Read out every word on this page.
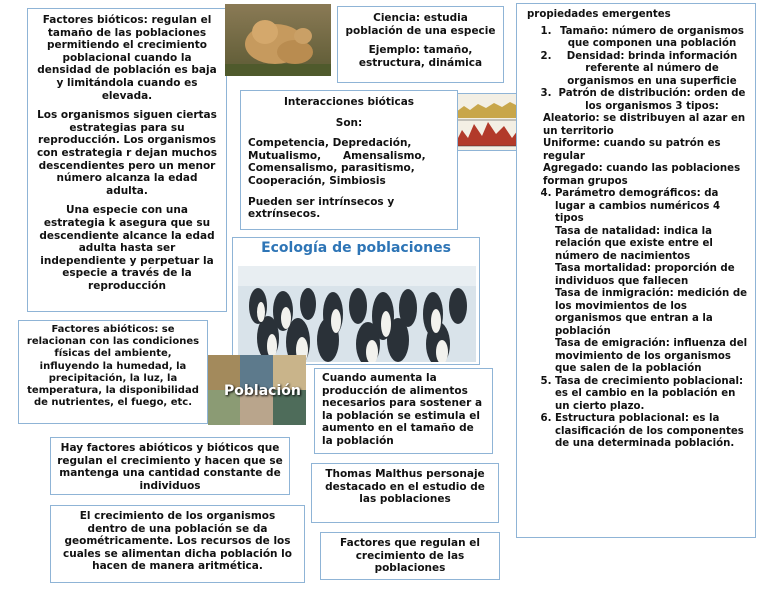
Factores bióticos: regulan el tamaño de las poblaciones permitiendo el crecimiento poblacional cuando la densidad de población es baja y limitándola cuando es elevada.

Los organismos siguen ciertas estrategias para su reproducción. Los organismos con estrategia r dejan muchos descendientes pero un menor número alcanza la edad adulta.

Una especie con una estrategia k asegura que su descendiente alcance la edad adulta hasta ser independiente y perpetuar la especie a través de la reproducción

Ciencia: estudia población de una especie

Ejemplo: tamaño, estructura, dinámica

Interacciones bióticas
Son:
Competencia, Depredación, Mutualismo,      Amensalismo, Comensalismo, parasitismo, Cooperación, Simbiosis
Pueden ser intrínsecos y extrínsecos.
Ecología de poblaciones
Factores abióticos: se relacionan con las condiciones físicas del ambiente, influyendo la humedad, la precipitación, la luz, la temperatura, la disponibilidad de nutrientes, el fuego, etc.
Población
Cuando aumenta la producción de alimentos necesarios para sostener a la población se estimula el aumento en el tamaño de la población
Hay factores abióticos y bióticos que regulan el crecimiento y hacen que se mantenga una cantidad constante de individuos
Thomas Malthus personaje destacado en el estudio de las poblaciones
El crecimiento de los organismos dentro de una población se da geométricamente. Los recursos de los cuales se alimentan dicha población lo hacen de manera aritmética.
Factores que regulan el crecimiento de las poblaciones
propiedades emergentes
1. Tamaño: número de organismos que componen una población
2. Densidad: brinda información referente al número de organismos en una superficie
3. Patrón de distribución: orden de los organismos 3 tipos:
Aleatorio: se distribuyen al azar en un territorio
Uniforme: cuando su patrón es regular
Agregado: cuando las poblaciones forman grupos
4. Parámetro demográficos: da lugar a cambios numéricos 4 tipos
Tasa de natalidad: indica la relación que existe entre el número de nacimientos
Tasa mortalidad: proporción de individuos que fallecen
Tasa de inmigración: medición de los movimientos de los organismos que entran a la población
Tasa de emigración: influenza del movimiento de los organismos que salen de la población
5. Tasa de crecimiento poblacional: es el cambio en la población en un cierto plazo.
6. Estructura poblacional: es la clasificación de los componentes de una determinada población.
